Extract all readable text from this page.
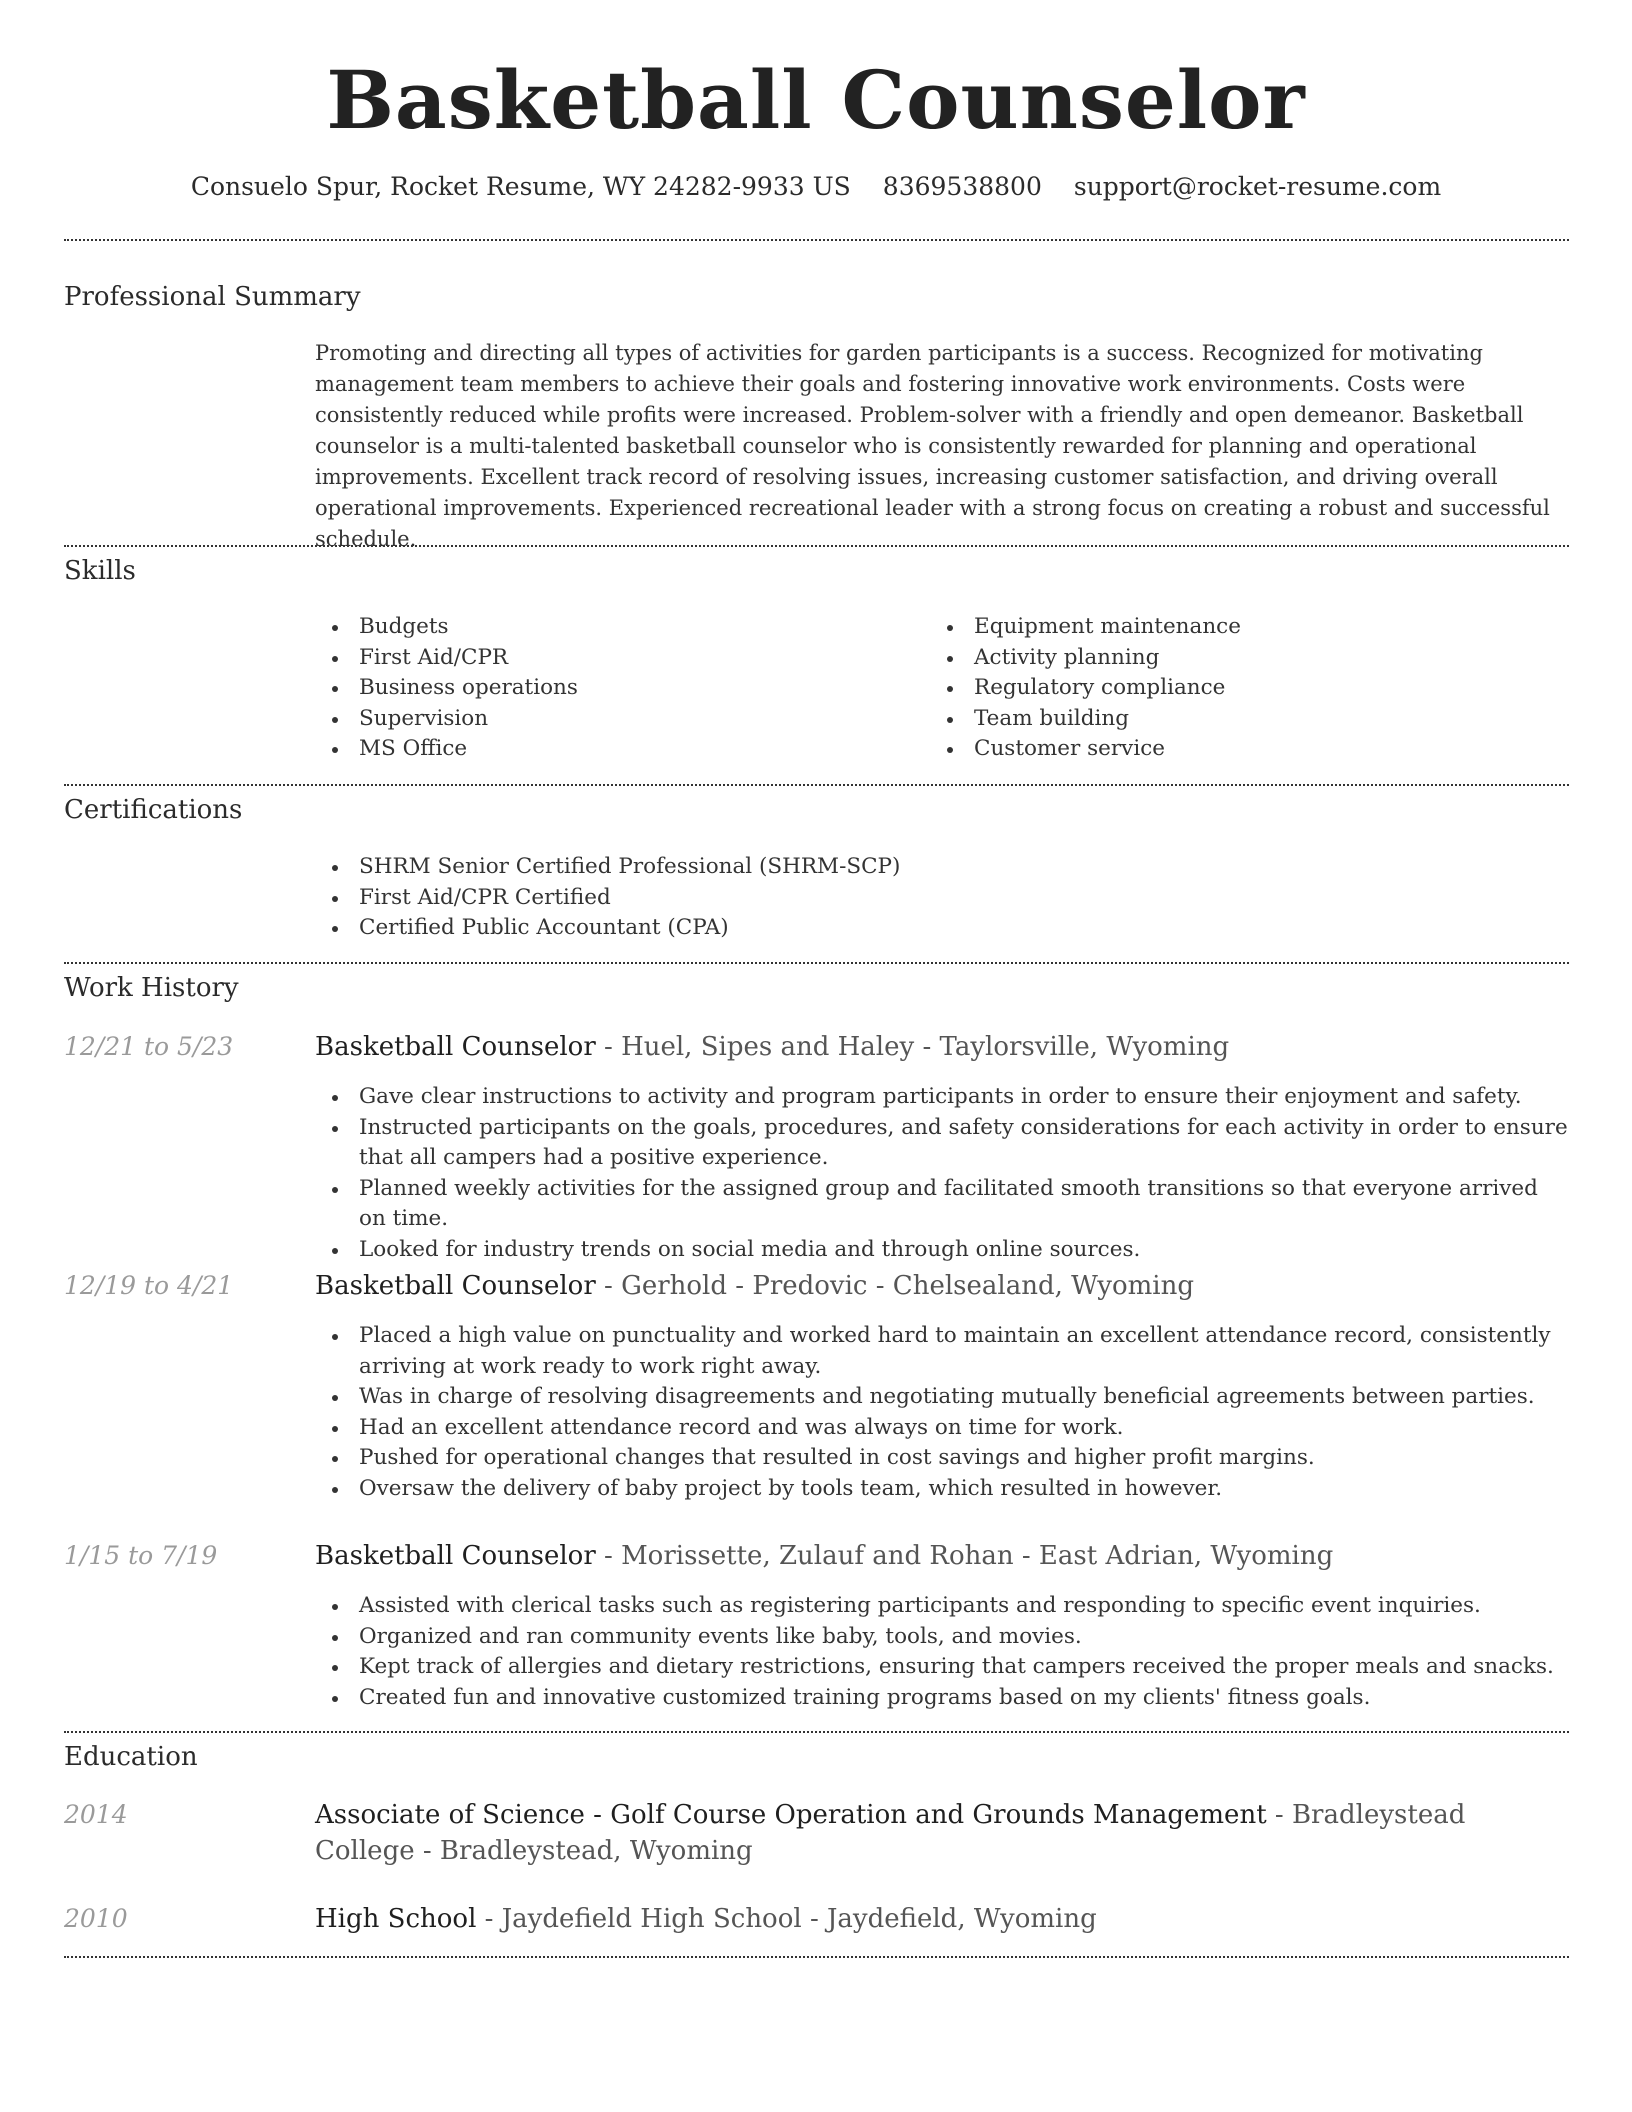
Basketball Counselor
Consuelo Spur, Rocket Resume, WY 24282-9933 US 8369538800 support@rocket-resume.com
Professional Summary
Promoting and directing all types of activities for garden participants is a success. Recognized for motivating management team members to achieve their goals and fostering innovative work environments. Costs were consistently reduced while profits were increased. Problem-solver with a friendly and open demeanor. Basketball counselor is a multi-talented basketball counselor who is consistently rewarded for planning and operational improvements. Excellent track record of resolving issues, increasing customer satisfaction, and driving overall operational improvements. Experienced recreational leader with a strong focus on creating a robust and successful schedule.
Skills
Budgets
First Aid/CPR
Business operations
Supervision
MS Office
Equipment maintenance
Activity planning
Regulatory compliance
Team building
Customer service
Certifications
SHRM Senior Certified Professional (SHRM-SCP)
First Aid/CPR Certified
Certified Public Accountant (CPA)
Work History
12/21 to 5/23	Basketball Counselor - Huel, Sipes and Haley - Taylorsville, Wyoming
Gave clear instructions to activity and program participants in order to ensure their enjoyment and safety.
Instructed participants on the goals, procedures, and safety considerations for each activity in order to ensure that all campers had a positive experience.
Planned weekly activities for the assigned group and facilitated smooth transitions so that everyone arrived on time.
Looked for industry trends on social media and through online sources.
12/19 to 4/21	Basketball Counselor - Gerhold - Predovic - Chelsealand, Wyoming
Placed a high value on punctuality and worked hard to maintain an excellent attendance record, consistently arriving at work ready to work right away.
Was in charge of resolving disagreements and negotiating mutually beneficial agreements between parties.
Had an excellent attendance record and was always on time for work.
Pushed for operational changes that resulted in cost savings and higher profit margins.
Oversaw the delivery of baby project by tools team, which resulted in however.
1/15 to 7/19	Basketball Counselor - Morissette, Zulauf and Rohan - East Adrian, Wyoming
Assisted with clerical tasks such as registering participants and responding to specific event inquiries.
Organized and ran community events like baby, tools, and movies.
Kept track of allergies and dietary restrictions, ensuring that campers received the proper meals and snacks.
Created fun and innovative customized training programs based on my clients' fitness goals.
Education
2014	Associate of Science - Golf Course Operation and Grounds Management - Bradleystead College - Bradleystead, Wyoming
2010	High School - Jaydefield High School - Jaydefield, Wyoming
